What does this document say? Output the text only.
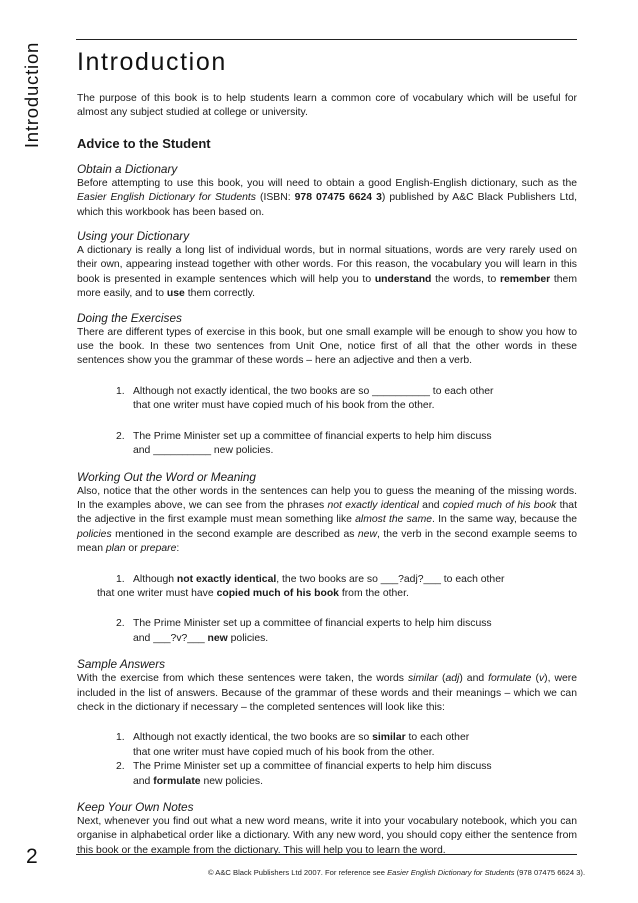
Introduction Introduction

The purpose of this book is to help students learn a common core of vocabulary which will be useful for almost any subject studied at college or university.

Advice to the Student
Obtain a Dictionary

Before attempting to use this book, you will need to obtain a good English-English dictionary, such as the Easier English Dictionary for Students (ISBN: 978 07475 6624 3) published by A&C Black Publishers Ltd, which this workbook has been based on.

Using your Dictionary

A dictionary is really a long list of individual words, but in normal situations, words are very rarely used on their own, appearing instead together with other words. For this reason, the vocabulary you will learn in this book is presented in example sentences which will help you to understand the words, to remember them more easily, and to use them correctly.

Doing the Exercises

There are different types of exercise in this book, but one small example will be enough to show you how to use the book. In these two sentences from Unit One, notice first of all that the other words in these sentences show you the grammar of these words – here an adjective and then a verb.

1. Although not exactly identical, the two books are so __________ to each other
that one writer must have copied much of his book from the other.
2. The Prime Minister set up a committee of financial experts to help him discuss
and __________ new policies.
Working Out the Word or Meaning

Also, notice that the other words in the sentences can help you to guess the meaning of the missing words. In the examples above, we can see from the phrases not exactly identical and copied much of his book that the adjective in the first example must mean something like almost the same. In the same way, because the policies mentioned in the second example are described as new, the verb in the second example seems to mean plan or prepare:

1. Although not exactly identical, the two books are so ___?adj?___ to each other
that one writer must have copied much of his book from the other.
2. The Prime Minister set up a committee of financial experts to help him discuss
and ___?v?___ new policies.
Sample Answers

With the exercise from which these sentences were taken, the words similar (adj) and formulate (v), were included in the list of answers. Because of the grammar of these words and their meanings – which we can check in the dictionary if necessary – the completed sentences will look like this:

1. Although not exactly identical, the two books are so similar to each other
that one writer must have copied much of his book from the other.
2. The Prime Minister set up a committee of financial experts to help him discuss
and formulate new policies.
Keep Your Own Notes

Next, whenever you find out what a new word means, write it into your vocabulary notebook, which you can organise in alphabetical order like a dictionary. With any new word, you should copy either the sentence from this book or the example from the dictionary. This will help you to learn the word.

2
© A&C Black Publishers Ltd 2007. For reference see Easier English Dictionary for Students (978 07475 6624 3).
